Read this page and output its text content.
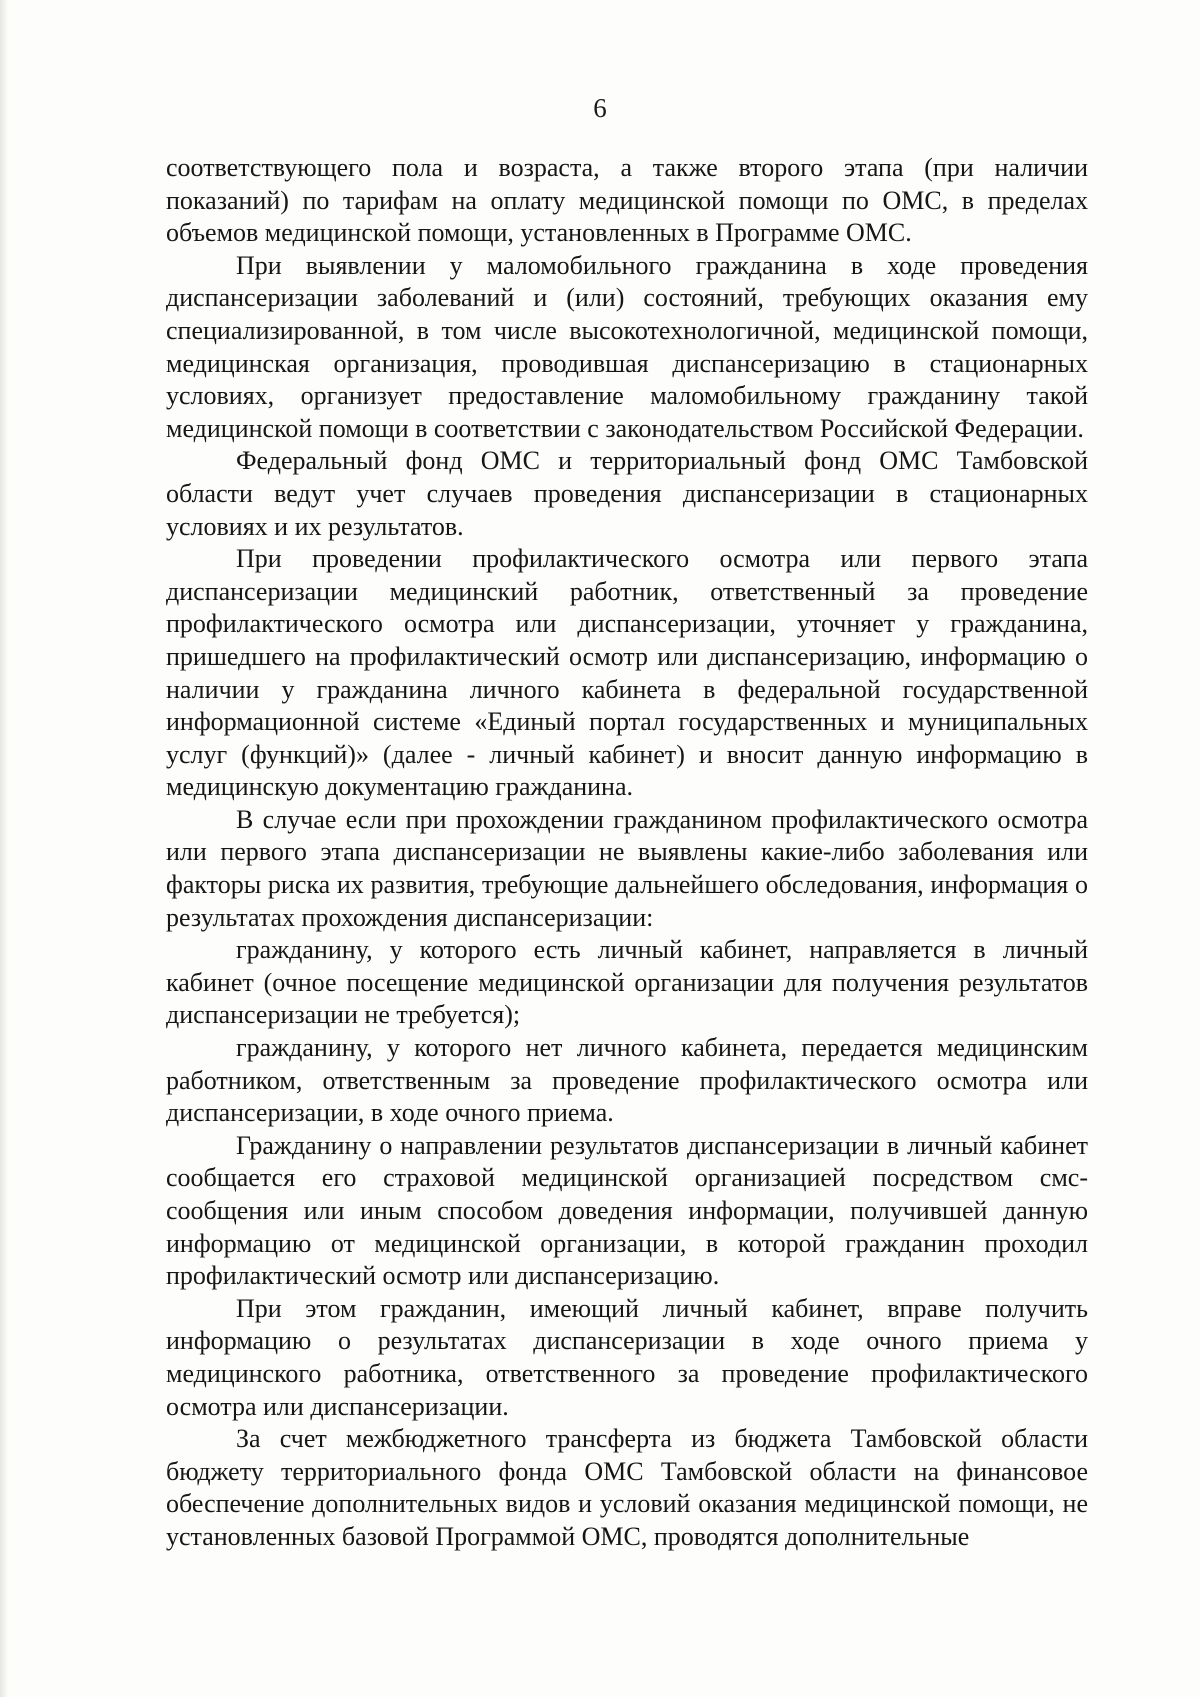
6

соответствующего пола и возраста, а также второго этапа (при наличии показаний) по тарифам на оплату медицинской помощи по ОМС, в пределах объемов медицинской помощи, установленных в Программе ОМС.

При выявлении у маломобильного гражданина в ходе проведения диспансеризации заболеваний и (или) состояний, требующих оказания ему специализированной, в том числе высокотехнологичной, медицинской помощи, медицинская организация, проводившая диспансеризацию в стационарных условиях, организует предоставление маломобильному гражданину такой медицинской помощи в соответствии с законодательством Российской Федерации.

Федеральный фонд ОМС и территориальный фонд ОМС Тамбовской области ведут учет случаев проведения диспансеризации в стационарных условиях и их результатов.

При проведении профилактического осмотра или первого этапа диспансеризации медицинский работник, ответственный за проведение профилактического осмотра или диспансеризации, уточняет у гражданина, пришедшего на профилактический осмотр или диспансеризацию, информацию о наличии у гражданина личного кабинета в федеральной государственной информационной системе «Единый портал государственных и муниципальных услуг (функций)» (далее - личный кабинет) и вносит данную информацию в медицинскую документацию гражданина.

В случае если при прохождении гражданином профилактического осмотра или первого этапа диспансеризации не выявлены какие-либо заболевания или факторы риска их развития, требующие дальнейшего обследования, информация о результатах прохождения диспансеризации:

гражданину, у которого есть личный кабинет, направляется в личный кабинет (очное посещение медицинской организации для получения результатов диспансеризации не требуется);

гражданину, у которого нет личного кабинета, передается медицинским работником, ответственным за проведение профилактического осмотра или диспансеризации, в ходе очного приема.

Гражданину о направлении результатов диспансеризации в личный кабинет сообщается его страховой медицинской организацией посредством смс-сообщения или иным способом доведения информации, получившей данную информацию от медицинской организации, в которой гражданин проходил профилактический осмотр или диспансеризацию.

При этом гражданин, имеющий личный кабинет, вправе получить информацию о результатах диспансеризации в ходе очного приема у медицинского работника, ответственного за проведение профилактического осмотра или диспансеризации.

За счет межбюджетного трансферта из бюджета Тамбовской области бюджету территориального фонда ОМС Тамбовской области на финансовое обеспечение дополнительных видов и условий оказания медицинской помощи, не установленных базовой Программой ОМС, проводятся дополнительные
